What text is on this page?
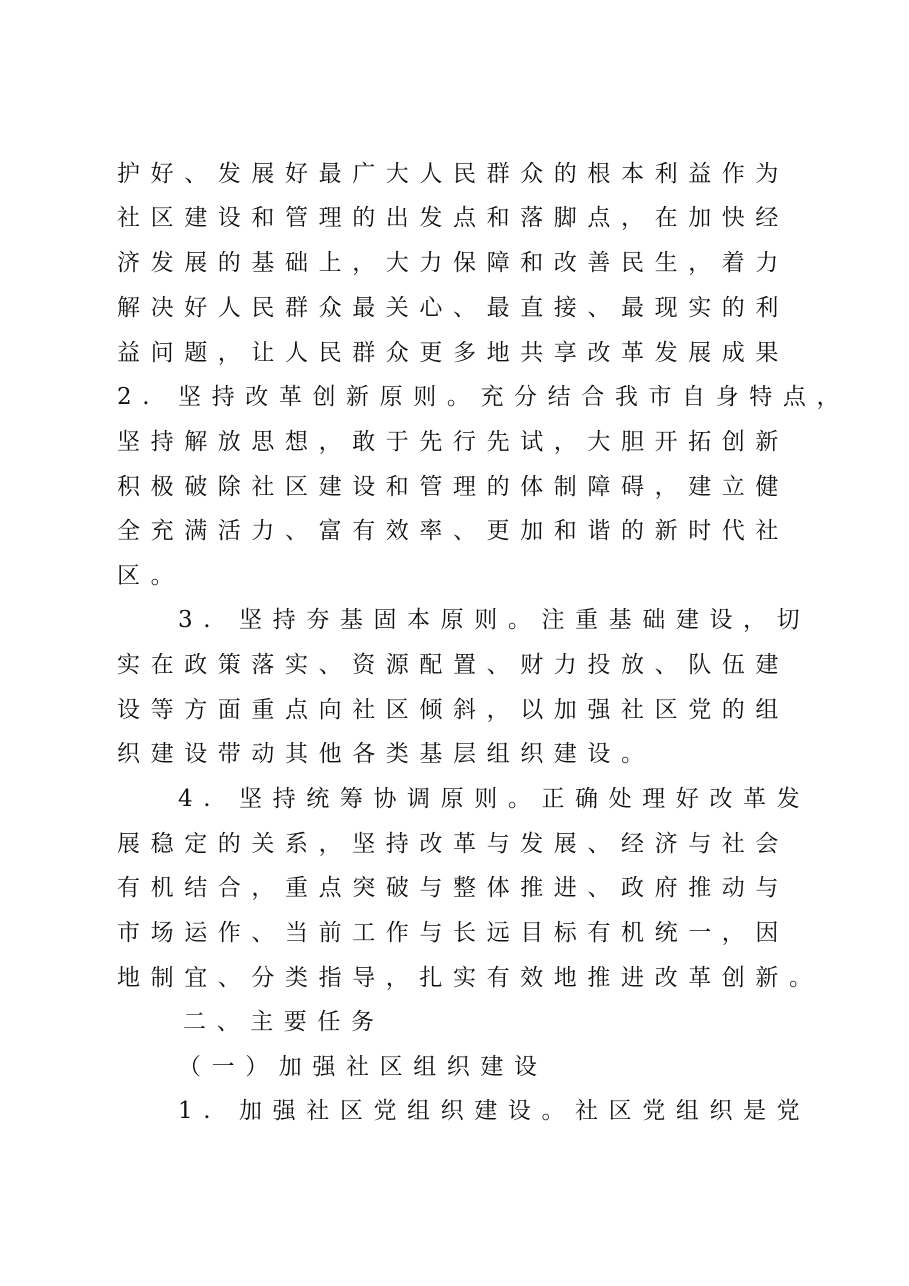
护好、发展好最广大人民群众的根本利益作为
社区建设和管理的出发点和落脚点，在加快经
济发展的基础上，大力保障和改善民生，着力
解决好人民群众最关心、最直接、最现实的利
益问题，让人民群众更多地共享改革发展成果
2. 坚持改革创新原则。充分结合我市自身特点，
坚持解放思想，敢于先行先试，大胆开拓创新
积极破除社区建设和管理的体制障碍，建立健
全充满活力、富有效率、更加和谐的新时代社
区。
3. 坚持夯基固本原则。注重基础建设，切
实在政策落实、资源配置、财力投放、队伍建
设等方面重点向社区倾斜，以加强社区党的组
织建设带动其他各类基层组织建设。
4. 坚持统筹协调原则。正确处理好改革发
展稳定的关系，坚持改革与发展、经济与社会
有机结合，重点突破与整体推进、政府推动与
市场运作、当前工作与长远目标有机统一，因
地制宜、分类指导，扎实有效地推进改革创新。
二、主要任务
（一）加强社区组织建设
1. 加强社区党组织建设。社区党组织是党
